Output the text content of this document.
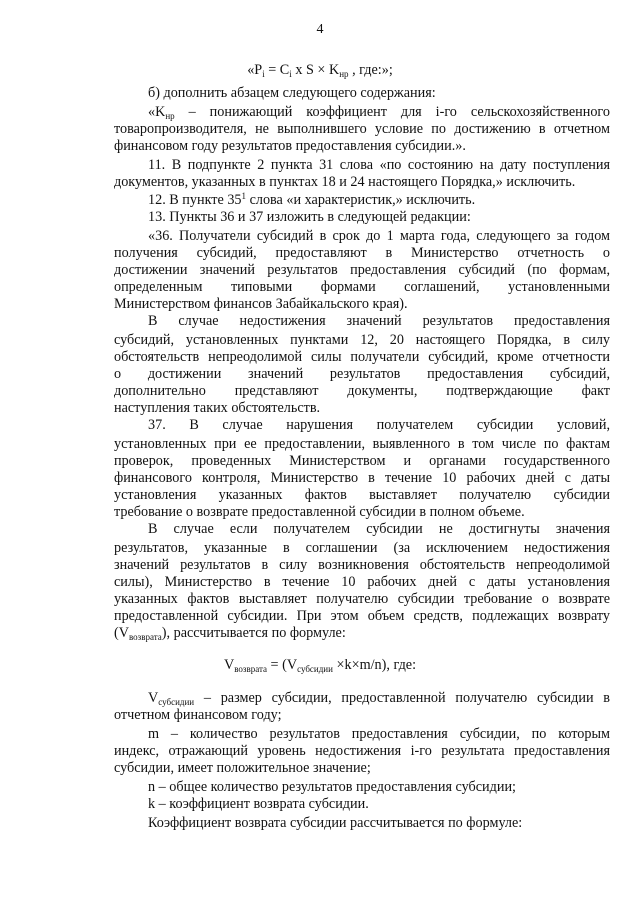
4
«$P_i = C_i$ x $S \times K_{нр}$ , где:»;
б) дополнить абзацем следующего содержания:
«$K_{нр}$ – понижающий коэффициент для i-го сельскохозяйственного
товаропроизводителя, не выполнившего условие по достижению в отчетном
финансовом году результатов предоставления субсидии.».
11. В подпункте 2 пункта 31 слова «по состоянию на дату поступления
документов, указанных в пунктах 18 и 24 настоящего Порядка,» исключить.
12. В пункте $35^1$ слова «и характеристик,» исключить.
13. Пункты 36 и 37 изложить в следующей редакции:
«36. Получатели субсидий в срок до 1 марта года, следующего за годом
получения субсидий, предоставляют в Министерство отчетность о
достижении значений результатов предоставления субсидий (по формам,
определенным типовыми формами соглашений, установленными
Министерством финансов Забайкальского края).
В случае недостижения значений результатов предоставления
субсидий, установленных пунктами 12, 20 настоящего Порядка, в силу
обстоятельств непреодолимой силы получатели субсидий, кроме отчетности
о достижении значений результатов предоставления субсидий,
дополнительно представляют документы, подтверждающие факт
наступления таких обстоятельств.
37. В случае нарушения получателем субсидии условий,
установленных при ее предоставлении, выявленного в том числе по фактам
проверок, проведенных Министерством и органами государственного
финансового контроля, Министерство в течение 10 рабочих дней с даты
установления указанных фактов выставляет получателю субсидии
требование о возврате предоставленной субсидии в полном объеме.
В случае если получателем субсидии не достигнуты значения
результатов, указанные в соглашении (за исключением недостижения
значений результатов в силу возникновения обстоятельств непреодолимой
силы), Министерство в течение 10 рабочих дней с даты установления
указанных фактов выставляет получателю субсидии требование о возврате
предоставленной субсидии. При этом объем средств, подлежащих возврату
$(V_{возврата})$, рассчитывается по формуле:
$V_{возврата} = (V_{субсидии} \times k\times m/n)$, где:
$V_{субсидии}$ – размер субсидии, предоставленной получателю субсидии в
отчетном финансовом году;
m – количество результатов предоставления субсидии, по которым
индекс, отражающий уровень недостижения i-го результата предоставления
субсидии, имеет положительное значение;
n – общее количество результатов предоставления субсидии;
k – коэффициент возврата субсидии.
Коэффициент возврата субсидии рассчитывается по формуле:
